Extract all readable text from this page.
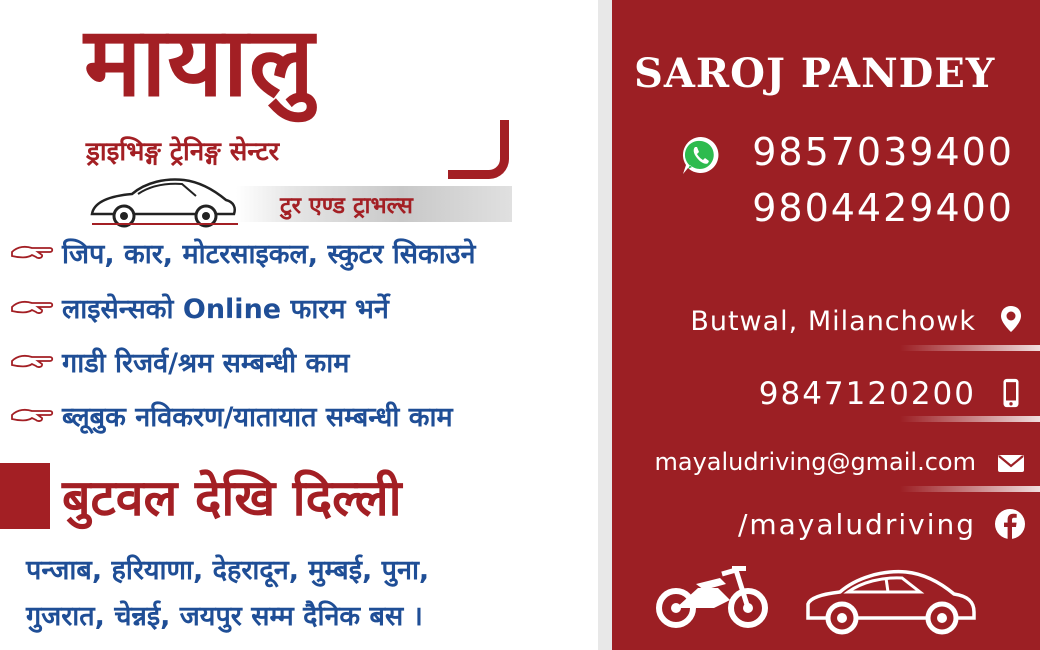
मायालु
ड्राइभिङ्ग ट्रेनिङ्ग सेन्टर
टुर एण्ड ट्राभल्स
जिप, कार, मोटरसाइकल, स्कुटर सिकाउने
लाइसेन्सको Online फारम भर्ने
गाडी रिजर्व/श्रम सम्बन्धी काम
ब्लूबुक नविकरण/यातायात सम्बन्धी काम
बुटवल देखि दिल्ली
पन्जाब, हरियाणा, देहरादून, मुम्बई, पुना,
गुजरात, चेन्नई, जयपुर सम्म दैनिक बस ।
SAROJ PANDEY
9857039400
9804429400
Butwal, Milanchowk
9847120200
mayaludriving@gmail.com
/mayaludriving
